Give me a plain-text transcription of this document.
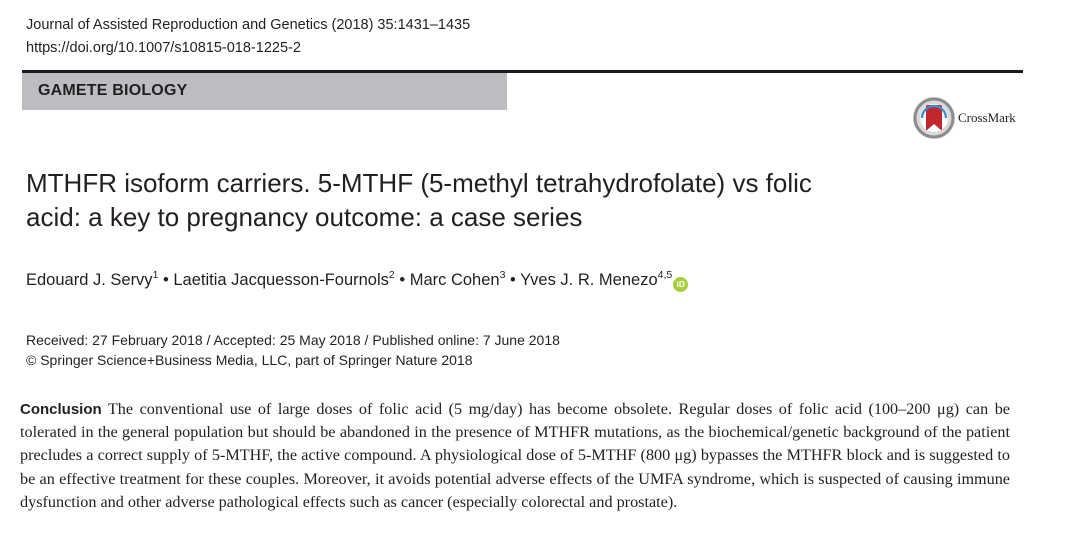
Journal of Assisted Reproduction and Genetics (2018) 35:1431–1435
https://doi.org/10.1007/s10815-018-1225-2
GAMETE BIOLOGY
CrossMark
MTHFR isoform carriers. 5-MTHF (5-methyl tetrahydrofolate) vs folic
acid: a key to pregnancy outcome: a case series
Edouard J. Servy$^1$ • Laetitia Jacquesson-Fournols$^2$ • Marc Cohen$^3$ • Yves J. R. Menezo$^{4,5}$iD
Received: 27 February 2018 / Accepted: 25 May 2018 / Published online: 7 June 2018
© Springer Science+Business Media, LLC, part of Springer Nature 2018

Conclusion The conventional use of large doses of folic acid (5 mg/day) has become obsolete. Regular doses of folic acid (100–200 μg) can be tolerated in the general population but should be abandoned in the presence of MTHFR mutations, as the biochemical/genetic background of the patient precludes a correct supply of 5-MTHF, the active compound. A physiological dose of 5-MTHF (800 μg) bypasses the MTHFR block and is suggested to be an effective treatment for these couples. Moreover, it avoids potential adverse effects of the UMFA syndrome, which is suspected of causing immune dysfunction and other adverse pathological effects such as cancer (especially colorectal and prostate).
